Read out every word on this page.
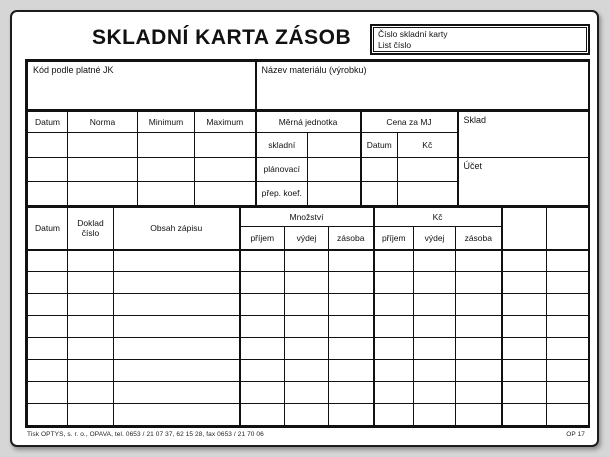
SKLADNÍ KARTA ZÁSOB	Číslo skladní karty
List číslo
Kód podle platné JK	Název materiálu (výrobku)
Datum	Norma	Minimum	Maximum	Měrná jednotka		Cena za MJ		Sklad
				skladní		Datum	Kč	
				plánovací				Účet
				přep. koef.				
Datum	Doklad číslo	Obsah zápisu	Množství			Kč				
			příjem	výdej	zásoba	příjem	výdej	zásoba		

Tisk OPTYS, s. r. o., OPAVA, tel. 0653 / 21 07 37, 62 15 28, fax 0653 / 21 70 06	OP 17
